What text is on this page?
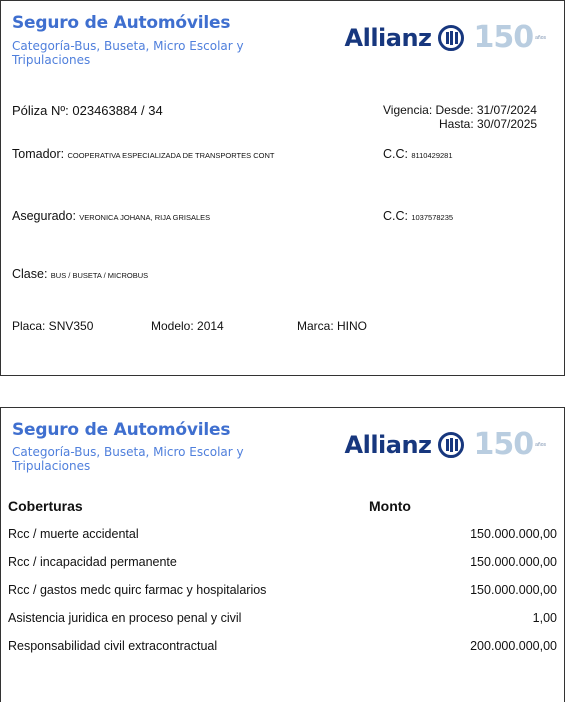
Seguro de Automóviles
Categoría-Bus, Buseta, Micro Escolar y Tripulaciones
Allianz 150 años
Póliza Nº: 023463884 / 34	Vigencia: Desde: 31/07/2024
Hasta: 30/07/2025
Tomador: COOPERATIVA ESPECIALIZADA DE TRANSPORTES CONT	C.C: 8110429281
Asegurado: VERONICA JOHANA, RIJA GRISALES	C.C: 1037578235
Clase: BUS / BUSETA / MICROBUS
Placa: SNV350	Modelo: 2014	Marca: HINO
Seguro de Automóviles
Categoría-Bus, Buseta, Micro Escolar y Tripulaciones
Allianz 150 años
Coberturas	Monto
Rcc / muerte accidental	150.000.000,00
Rcc / incapacidad permanente	150.000.000,00
Rcc / gastos medc quirc farmac y hospitalarios	150.000.000,00
Asistencia juridica en proceso penal y civil	1,00
Responsabilidad civil extracontractual	200.000.000,00
